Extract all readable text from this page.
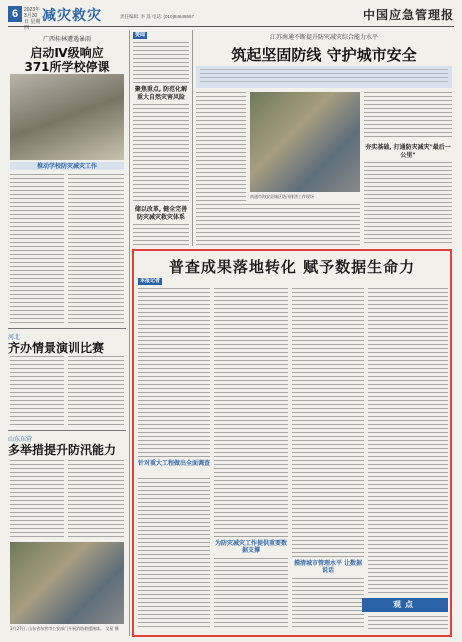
6	2023年 3月30日 星期四
减灾救灾	责任编辑: 李 蓬 电话: (010)84648567	中国应急管理报
广西桂林遭遇暴雨
启动Ⅳ级响应
371所学校停课
推动学校防灾减灾工作
河北
齐办情景演训比赛
山东东营
多举措提升防汛能力
3月27日, 山东省东营市公安部门开展消防救援演练。 吴星 摄
要闻
聚焦重点, 防范化解重大自然灾害风险
储以改革, 健全完善防灾减灾救灾体系
江苏南通不断提升防灾减灾综合能力水平
筑起坚固防线 守护城市安全
南通市海安县城区防汛排涝工作现场
夯实基础, 打通防灾减灾"最后一公里"
普查成果落地转化 赋予数据生命力
本报记者
针对重大工程做出全面调查
为防灾减灾工作提供重要数据支撑
摸清城市管理水平 让数据说话
观点
